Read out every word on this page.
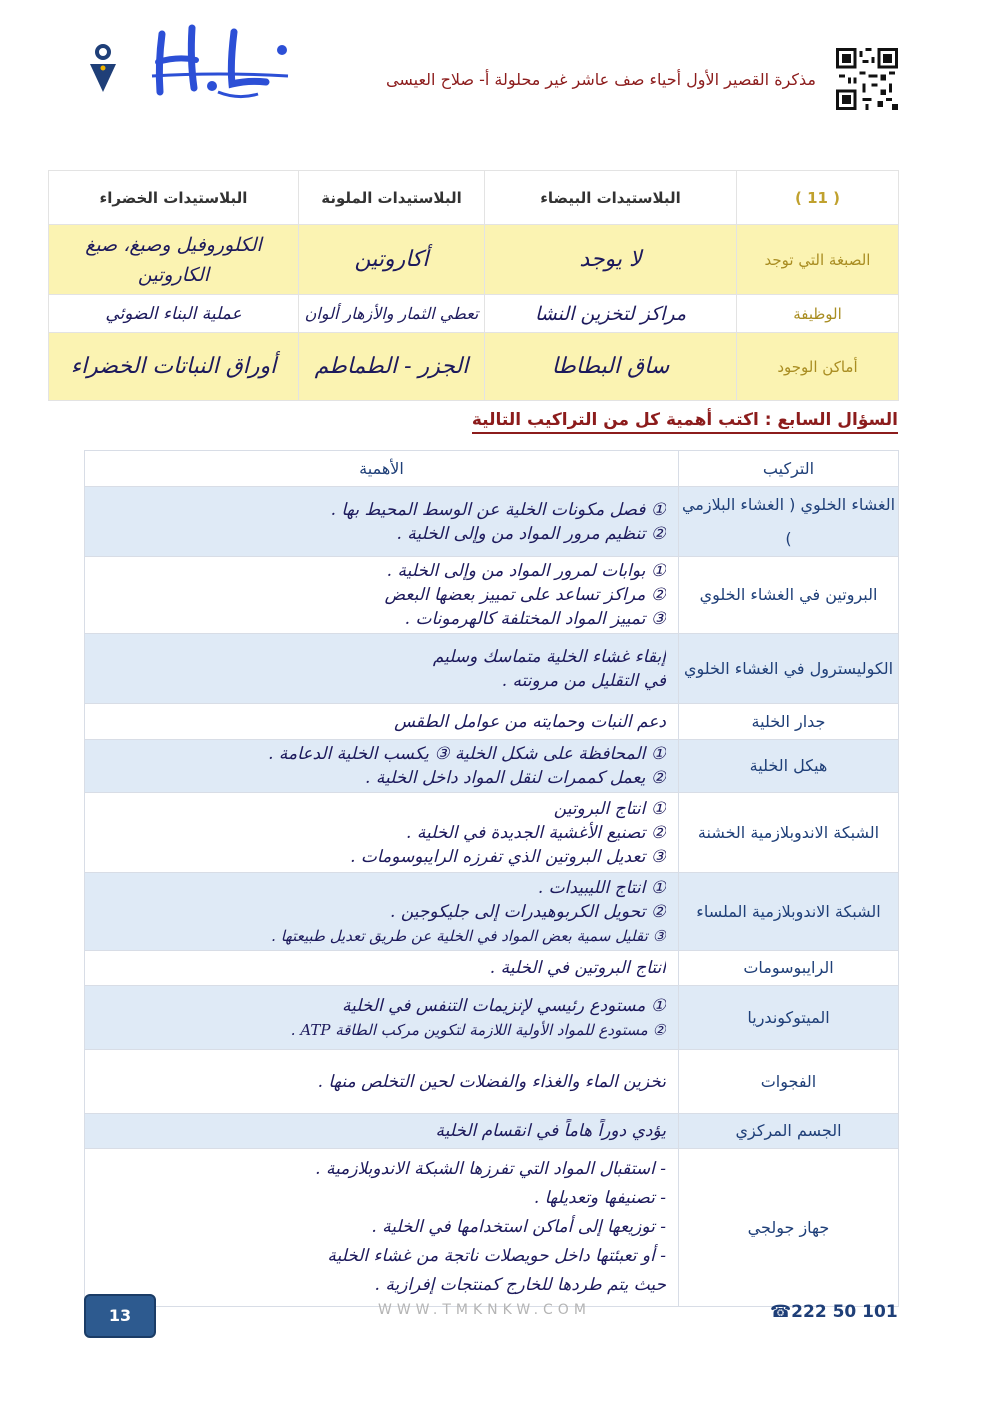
مذكرة القصير الأول أحياء صف عاشر غير محلولة أ- صلاح العيسى
( 11 )	البلاستيدات البيضاء	البلاستيدات الملونة	البلاستيدات الخضراء
الصبغة التي توجد	لا يوجد	أكاروتين	الكلوروفيل وصبغ، صبغ الكاروتين
الوظيفة	مراكز لتخزين النشا	تعطي الثمار والأزهار ألوان	عملية البناء الضوئي
أماكن الوجود	ساق البطاطا	الجزر - الطماطم	أوراق النباتات الخضراء
السؤال السابع : اكتب أهمية كل من التراكيب التالية
التركيب	الأهمية
الغشاء الخلوي ( الغشاء البلازمي )	① فصل مكونات الخلية عن الوسط المحيط بها .
② تنظيم مرور المواد من وإلى الخلية .

البروتين في الغشاء الخلوي	① بوابات لمرور المواد من وإلى الخلية .
② مراكز تساعد على تمييز بعضها البعض
③ تمييز المواد المختلفة كالهرمونات .

الكوليسترول في الغشاء الخلوي	إبقاء غشاء الخلية متماسك وسليم
في التقليل من مرونته .

جدار الخلية	دعم النبات وحمايته من عوامل الطقس

هيكل الخلية	① المحافظة على شكل الخلية ③ يكسب الخلية الدعامة .
② يعمل كممرات لنقل المواد داخل الخلية .

الشبكة الاندوبلازمية الخشنة	① انتاج البروتين
② تصنيع الأغشية الجديدة في الخلية .
③ تعديل البروتين الذي تفرزه الرايبوسومات .

الشبكة الاندوبلازمية الملساء	① انتاج الليبيدات .
② تحويل الكربوهيدرات إلى جليكوجين .
③ تقليل سمية بعض المواد في الخلية عن طريق تعديل طبيعتها .

الرايبوسومات	انتاج البروتين في الخلية .

الميتوكوندريا	① مستودع رئيسي لإنزيمات التنفس في الخلية
② مستودع للمواد الأولية اللازمة لتكوين مركب الطاقة ATP .

الفجوات	تخزين الماء والغذاء والفضلات لحين التخلص منها .

الجسم المركزي	يؤدي دوراً هاماً في انقسام الخلية

جهاز جولجي	- استقبال المواد التي تفرزها الشبكة الاندوبلازمية .
- تصنيفها وتعديلها .
- توزيعها إلى أماكن استخدامها في الخلية .
- أو تعبئتها داخل حويصلات ناتجة من غشاء الخلية
حيث يتم طردها للخارج كمنتجات إفرازية .
13	WWW.TMKNKW.COM	☎222 50 101
